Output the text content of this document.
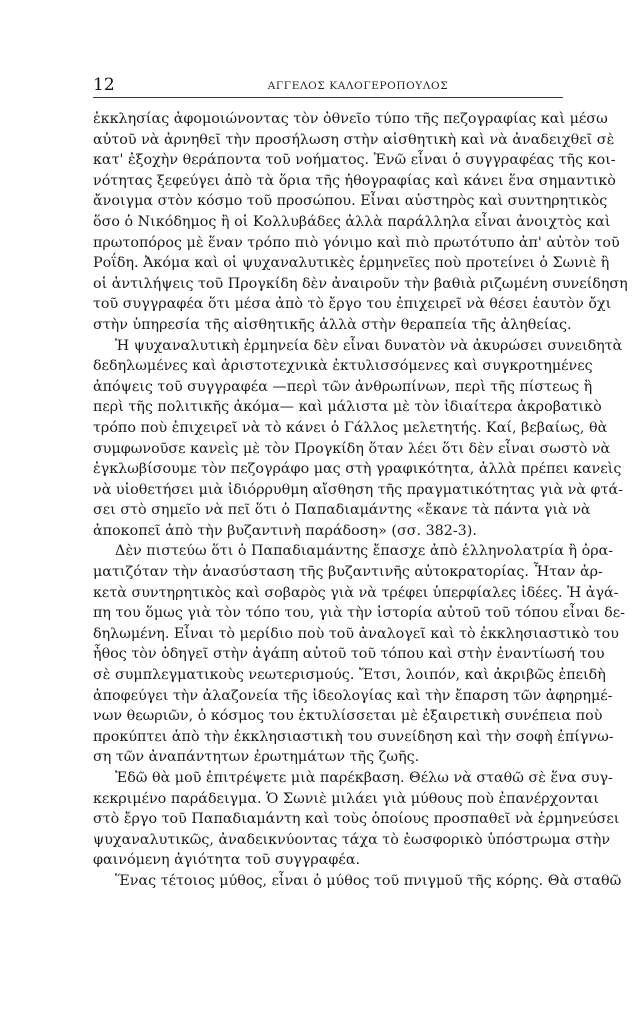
12	ΑΓΓΕΛΟΣ ΚΑΛΟΓΕΡΟΠΟΥΛΟΣ
ἐκκλησίας ἀφομοιώνοντας τὸν ὀθνεῖο τύπο τῆς πεζογραφίας καὶ μέσω
αὐτοῦ νὰ ἀρνηθεῖ τὴν προσήλωση στὴν αἰσθητικὴ καὶ νὰ ἀναδειχθεῖ σὲ
κατ' ἐξοχὴν θεράποντα τοῦ νοήματος. Ἐνῶ εἶναι ὁ συγγραφέας τῆς κοι-
νότητας ξεφεύγει ἀπὸ τὰ ὅρια τῆς ἠθογραφίας καὶ κάνει ἕνα σημαντικὸ
ἄνοιγμα στὸν κόσμο τοῦ προσώπου. Εἶναι αὐστηρὸς καὶ συντηρητικὸς
ὅσο ὁ Νικόδημος ἢ οἱ Κολλυβάδες ἀλλὰ παράλληλα εἶναι ἀνοιχτὸς καὶ
πρωτοπόρος μὲ ἕναν τρόπο πιὸ γόνιμο καὶ πιὸ πρωτότυπο ἀπ' αὐτὸν τοῦ
Ροΐδη. Ἀκόμα καὶ οἱ ψυχαναλυτικὲς ἑρμηνεῖες ποὺ προτείνει ὁ Σωνιὲ ἢ
οἱ ἀντιλήψεις τοῦ Προγκίδη δὲν ἀναιροῦν τὴν βαθιὰ ριζωμένη συνείδηση
τοῦ συγγραφέα ὅτι μέσα ἀπὸ τὸ ἔργο του ἐπιχειρεῖ νὰ θέσει ἑαυτὸν ὄχι
στὴν ὑπηρεσία τῆς αἰσθητικῆς ἀλλὰ στὴν θεραπεία τῆς ἀληθείας.
Ἡ ψυχαναλυτικὴ ἑρμηνεία δὲν εἶναι δυνατὸν νὰ ἀκυρώσει συνειδητὰ
δεδηλωμένες καὶ ἀριστοτεχνικὰ ἐκτυλισσόμενες καὶ συγκροτημένες
ἀπόψεις τοῦ συγγραφέα —περὶ τῶν ἀνθρωπίνων, περὶ τῆς πίστεως ἢ
περὶ τῆς πολιτικῆς ἀκόμα— καὶ μάλιστα μὲ τὸν ἰδιαίτερα ἀκροβατικὸ
τρόπο ποὺ ἐπιχειρεῖ νὰ τὸ κάνει ὁ Γάλλος μελετητής. Καί, βεβαίως, θὰ
συμφωνοῦσε κανεὶς μὲ τὸν Προγκίδη ὅταν λέει ὅτι δὲν εἶναι σωστὸ νὰ
ἐγκλωβίσουμε τὸν πεζογράφο μας στὴ γραφικότητα, ἀλλὰ πρέπει κανεὶς
νὰ υἱοθετήσει μιὰ ἰδιόρρυθμη αἴσθηση τῆς πραγματικότητας γιὰ νὰ φτά-
σει στὸ σημεῖο νὰ πεῖ ὅτι ὁ Παπαδιαμάντης «ἔκανε τὰ πάντα γιὰ νὰ
ἀποκοπεῖ ἀπὸ τὴν βυζαντινὴ παράδοση» (σσ. 382-3).
Δὲν πιστεύω ὅτι ὁ Παπαδιαμάντης ἔπασχε ἀπὸ ἑλληνολατρία ἢ ὀρα-
ματιζόταν τὴν ἀνασύσταση τῆς βυζαντινῆς αὐτοκρατορίας. Ἦταν ἀρ-
κετὰ συντηρητικὸς καὶ σοβαρὸς γιὰ νὰ τρέφει ὑπερφίαλες ἰδέες. Ἡ ἀγά-
πη του ὅμως γιὰ τὸν τόπο του, γιὰ τὴν ἱστορία αὐτοῦ τοῦ τόπου εἶναι δε-
δηλωμένη. Εἶναι τὸ μερίδιο ποὺ τοῦ ἀναλογεῖ καὶ τὸ ἐκκλησιαστικὸ του
ἦθος τὸν ὁδηγεῖ στὴν ἀγάπη αὐτοῦ τοῦ τόπου καὶ στὴν ἐναντίωσή του
σὲ συμπλεγματικοὺς νεωτερισμούς. Ἔτσι, λοιπόν, καὶ ἀκριβῶς ἐπειδὴ
ἀποφεύγει τὴν ἀλαζονεία τῆς ἰδεολογίας καὶ τὴν ἔπαρση τῶν ἀφηρημέ-
νων θεωριῶν, ὁ κόσμος του ἐκτυλίσσεται μὲ ἐξαιρετικὴ συνέπεια ποὺ
προκύπτει ἀπὸ τὴν ἐκκλησιαστικὴ του συνείδηση καὶ τὴν σοφὴ ἐπίγνω-
ση τῶν ἀναπάντητων ἐρωτημάτων τῆς ζωῆς.
Ἐδῶ θὰ μοῦ ἐπιτρέψετε μιὰ παρέκβαση. Θέλω νὰ σταθῶ σὲ ἕνα συγ-
κεκριμένο παράδειγμα. Ὁ Σωνιὲ μιλάει γιὰ μύθους ποὺ ἐπανέρχονται
στὸ ἔργο τοῦ Παπαδιαμάντη καὶ τοὺς ὁποίους προσπαθεῖ νὰ ἑρμηνεύσει
ψυχαναλυτικῶς, ἀναδεικνύοντας τάχα τὸ ἑωσφορικὸ ὑπόστρωμα στὴν
φαινόμενη ἁγιότητα τοῦ συγγραφέα.
Ἕνας τέτοιος μύθος, εἶναι ὁ μύθος τοῦ πνιγμοῦ τῆς κόρης. Θὰ σταθῶ
